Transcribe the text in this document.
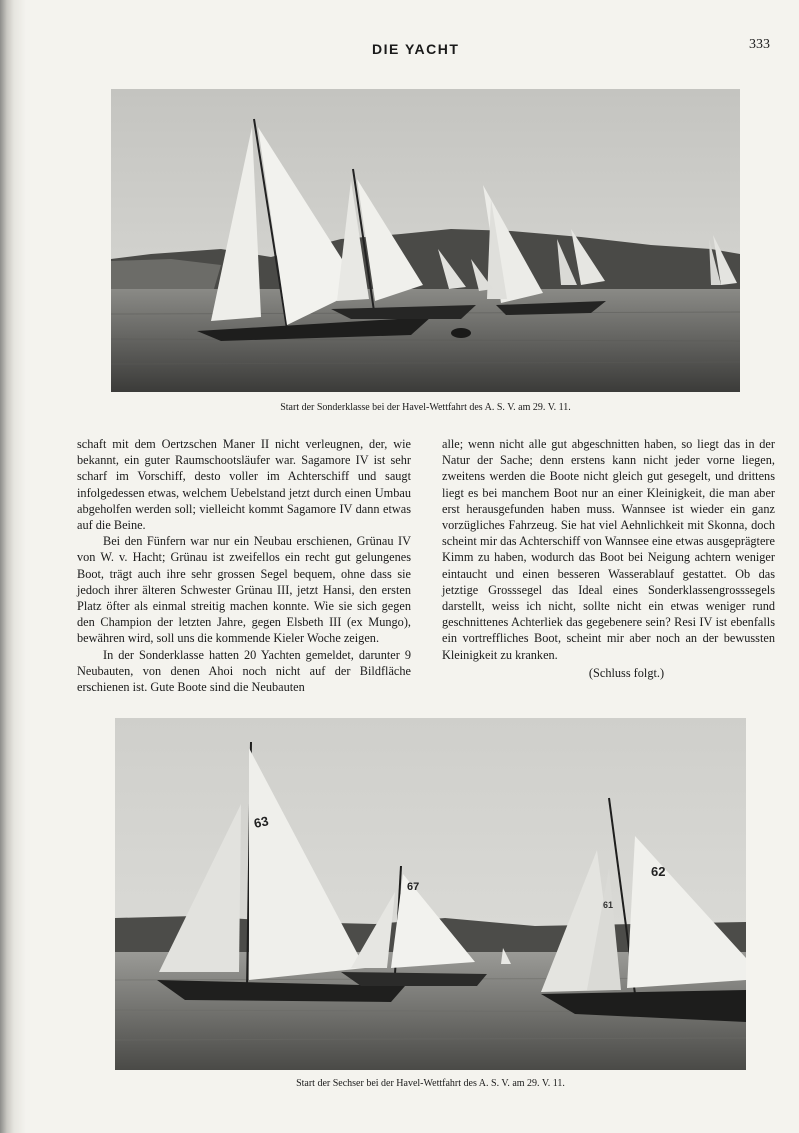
DIE YACHT	333
Start der Sonderklasse bei der Havel-Wettfahrt des A. S. V. am 29. V. 11.

schaft mit dem Oertzschen Maner II nicht verleugnen, der, wie bekannt, ein guter Raumschootsläufer war. Sagamore IV ist sehr scharf im Vorschiff, desto voller im Achterschiff und saugt infolgedessen etwas, welchem Uebelstand jetzt durch einen Umbau abgeholfen werden soll; vielleicht kommt Sagamore IV dann etwas auf die Beine.

Bei den Fünfern war nur ein Neubau erschienen, Grünau IV von W. v. Hacht; Grünau ist zweifellos ein recht gut gelungenes Boot, trägt auch ihre sehr grossen Segel bequem, ohne dass sie jedoch ihrer älteren Schwester Grünau III, jetzt Hansi, den ersten Platz öfter als einmal streitig machen konnte. Wie sie sich gegen den Champion der letzten Jahre, gegen Elsbeth III (ex Mungo), bewähren wird, soll uns die kommende Kieler Woche zeigen.

In der Sonderklasse hatten 20 Yachten gemeldet, darunter 9 Neubauten, von denen Ahoi noch nicht auf der Bildfläche erschienen ist. Gute Boote sind die Neubauten

alle; wenn nicht alle gut abgeschnitten haben, so liegt das in der Natur der Sache; denn erstens kann nicht jeder vorne liegen, zweitens werden die Boote nicht gleich gut gesegelt, und drittens liegt es bei manchem Boot nur an einer Kleinigkeit, die man aber erst herausgefunden haben muss. Wannsee ist wieder ein ganz vorzügliches Fahrzeug. Sie hat viel Aehnlichkeit mit Skonna, doch scheint mir das Achterschiff von Wannsee eine etwas ausgeprägtere Kimm zu haben, wodurch das Boot bei Neigung achtern weniger eintaucht und einen besseren Wasserablauf gestattet. Ob das jetztige Grosssegel das Ideal eines Sonderklassengrosssegels darstellt, weiss ich nicht, sollte nicht ein etwas weniger rund geschnittenes Achterliek das gegebenere sein? Resi IV ist ebenfalls ein vortreffliches Boot, scheint mir aber noch an der bewussten Kleinigkeit zu kranken.

(Schluss folgt.)

63
67
62
61
Start der Sechser bei der Havel-Wettfahrt des A. S. V. am 29. V. 11.
